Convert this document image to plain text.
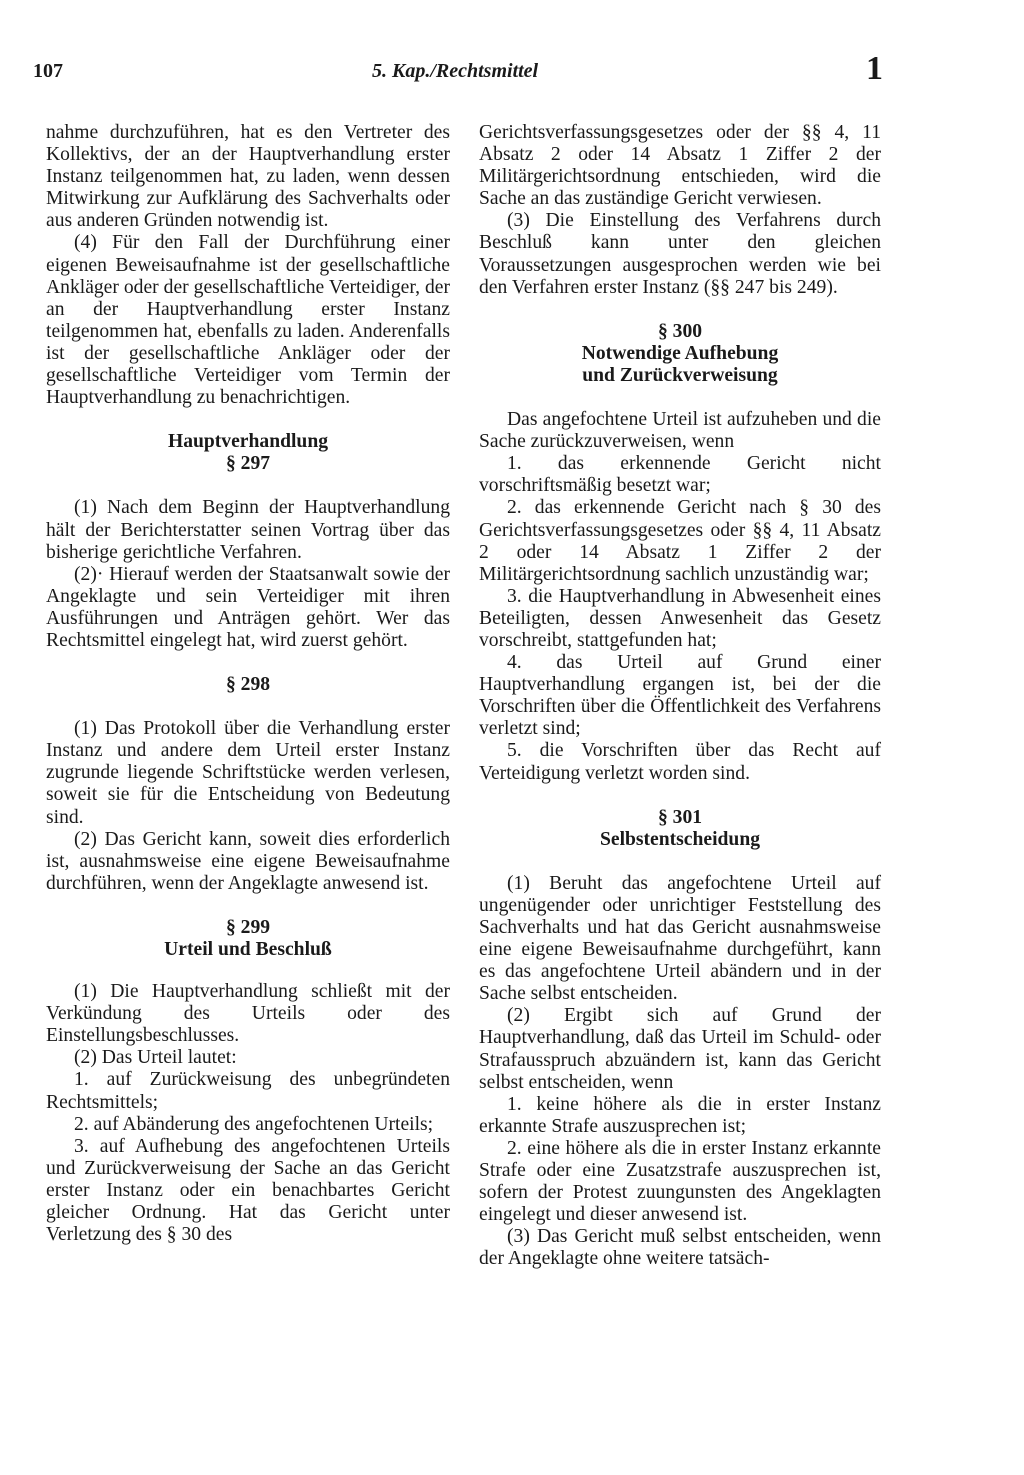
107	5. Kap./Rechtsmittel	1

nahme durchzuführen, hat es den Vertreter des Kollektivs, der an der Hauptverhandlung erster Instanz teilgenommen hat, zu laden, wenn dessen Mitwirkung zur Aufklärung des Sachverhalts oder aus anderen Gründen notwendig ist.

(4) Für den Fall der Durchführung einer eigenen Beweisaufnahme ist der gesellschaftliche Ankläger oder der gesellschaftliche Verteidiger, der an der Hauptverhandlung erster Instanz teilgenommen hat, ebenfalls zu laden. Anderenfalls ist der gesellschaftliche Ankläger oder der gesellschaftliche Verteidiger vom Termin der Hauptverhandlung zu benachrichtigen.

Hauptverhandlung

§ 297

(1) Nach dem Beginn der Hauptverhandlung hält der Berichterstatter seinen Vortrag über das bisherige gerichtliche Verfahren.

(2)· Hierauf werden der Staatsanwalt sowie der Angeklagte und sein Verteidiger mit ihren Ausführungen und Anträgen gehört. Wer das Rechtsmittel eingelegt hat, wird zuerst gehört.

§ 298

(1) Das Protokoll über die Verhandlung erster Instanz und andere dem Urteil erster Instanz zugrunde liegende Schriftstücke werden verlesen, soweit sie für die Entscheidung von Bedeutung sind.

(2) Das Gericht kann, soweit dies erforderlich ist, ausnahmsweise eine eigene Beweisaufnahme durchführen, wenn der Angeklagte anwesend ist.

§ 299

Urteil und Beschluß

(1) Die Hauptverhandlung schließt mit der Verkündung des Urteils oder des Einstellungsbeschlusses.

(2) Das Urteil lautet:

1. auf Zurückweisung des unbegründeten Rechtsmittels;

2. auf Abänderung des angefochtenen Urteils;

3. auf Aufhebung des angefochtenen Urteils und Zurückverweisung der Sache an das Gericht erster Instanz oder ein benachbartes Gericht gleicher Ordnung. Hat das Gericht unter Verletzung des § 30 des

Gerichtsverfassungsgesetzes oder der §§ 4, 11 Absatz 2 oder 14 Absatz 1 Ziffer 2 der Militärgerichtsordnung entschieden, wird die Sache an das zuständige Gericht verwiesen.

(3) Die Einstellung des Verfahrens durch Beschluß kann unter den gleichen Voraussetzungen ausgesprochen werden wie bei den Verfahren erster Instanz (§§ 247 bis 249).

§ 300

Notwendige Aufhebung

und Zurückverweisung

Das angefochtene Urteil ist aufzuheben und die Sache zurückzuverweisen, wenn

1. das erkennende Gericht nicht vorschriftsmäßig besetzt war;

2. das erkennende Gericht nach § 30 des Gerichtsverfassungsgesetzes oder §§ 4, 11 Absatz 2 oder 14 Absatz 1 Ziffer 2 der Militärgerichtsordnung sachlich unzuständig war;

3. die Hauptverhandlung in Abwesenheit eines Beteiligten, dessen Anwesenheit das Gesetz vorschreibt, stattgefunden hat;

4. das Urteil auf Grund einer Hauptverhandlung ergangen ist, bei der die Vorschriften über die Öffentlichkeit des Verfahrens verletzt sind;

5. die Vorschriften über das Recht auf Verteidigung verletzt worden sind.

§ 301

Selbstentscheidung

(1) Beruht das angefochtene Urteil auf ungenügender oder unrichtiger Feststellung des Sachverhalts und hat das Gericht ausnahmsweise eine eigene Beweisaufnahme durchgeführt, kann es das angefochtene Urteil abändern und in der Sache selbst entscheiden.

(2) Ergibt sich auf Grund der Hauptverhandlung, daß das Urteil im Schuld- oder Strafausspruch abzuändern ist, kann das Gericht selbst entscheiden, wenn

1. keine höhere als die in erster Instanz erkannte Strafe auszusprechen ist;

2. eine höhere als die in erster Instanz erkannte Strafe oder eine Zusatzstrafe auszusprechen ist, sofern der Protest zuungunsten des Angeklagten eingelegt und dieser anwesend ist.

(3) Das Gericht muß selbst entscheiden, wenn der Angeklagte ohne weitere tatsäch-
